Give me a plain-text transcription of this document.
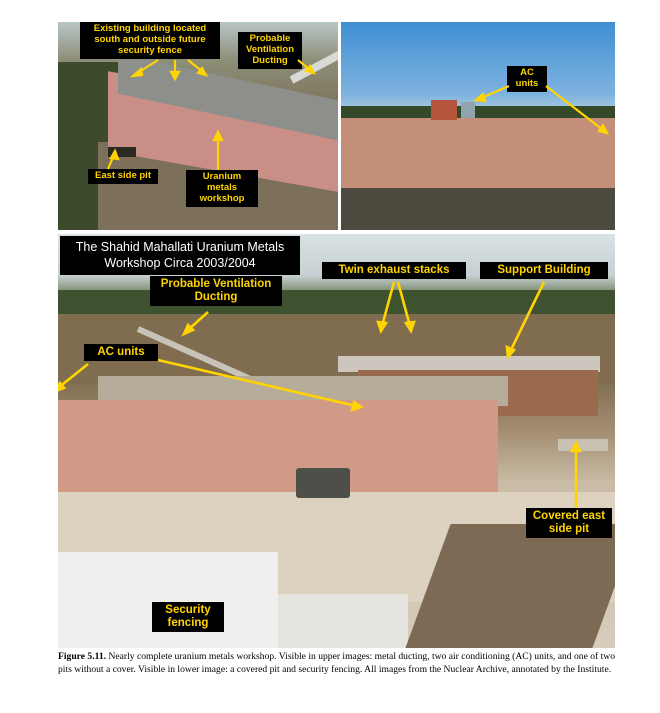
Existing building located south and outside future security fence
Probable Ventilation Ducting
East side pit	Uranium metals workshop
AC units
The Shahid Mahallati Uranium Metals Workshop Circa 2003/2004	Twin exhaust stacks	Support Building
Probable Ventilation Ducting
AC units
Covered east side pit
Security fencing
Figure 5.11. Nearly complete uranium metals workshop. Visible in upper images: metal ducting, two air conditioning (AC) units, and one of two pits without a cover. Visible in lower image: a covered pit and security fencing. All images from the Nuclear Archive, annotated by the Institute.
